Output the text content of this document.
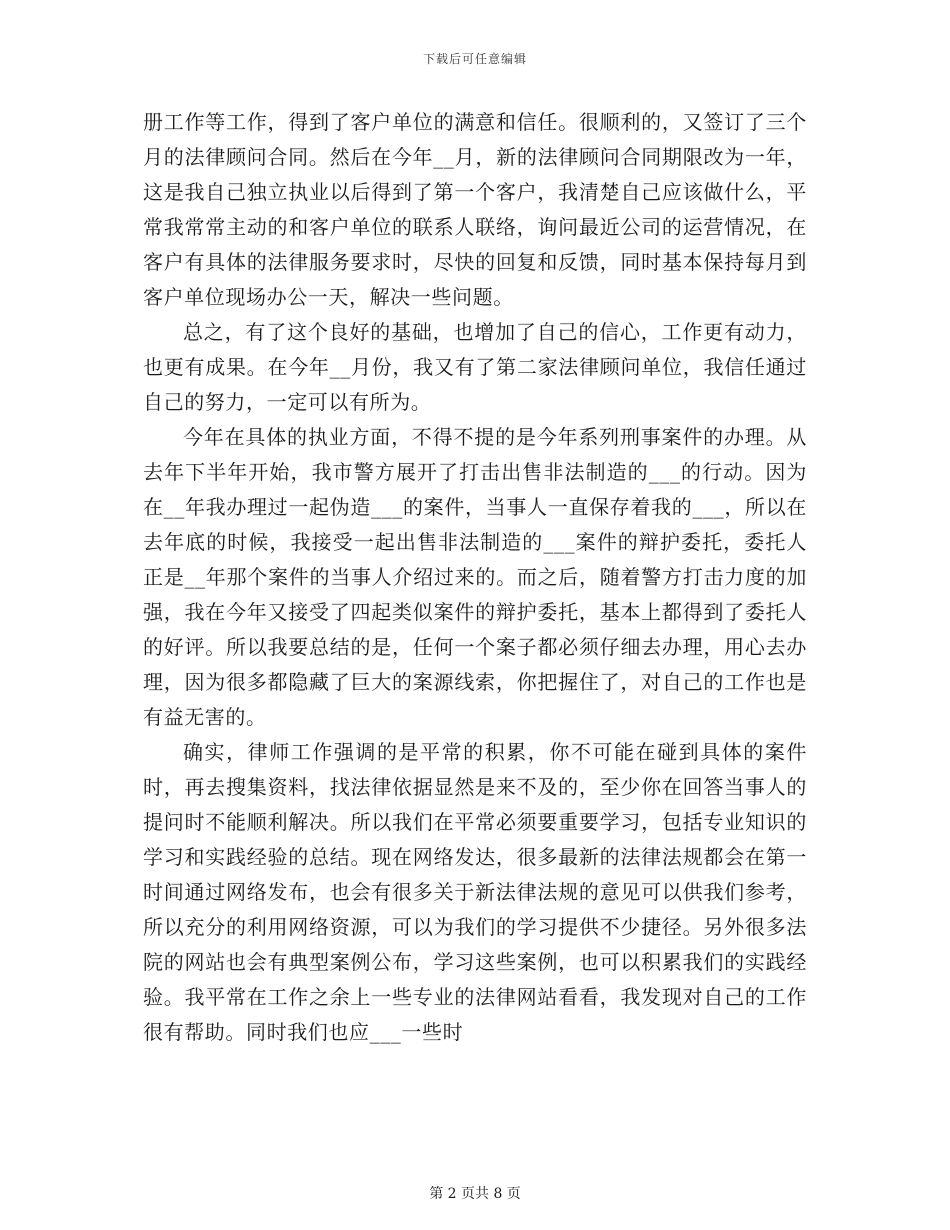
下载后可任意编辑

册工作等工作，得到了客户单位的满意和信任。很顺利的，又签订了三个月的法律顾问合同。然后在今年__月，新的法律顾问合同期限改为一年，这是我自己独立执业以后得到了第一个客户，我清楚自己应该做什么，平常我常常主动的和客户单位的联系人联络，询问最近公司的运营情况，在客户有具体的法律服务要求时，尽快的回复和反馈，同时基本保持每月到客户单位现场办公一天，解决一些问题。

总之，有了这个良好的基础，也增加了自己的信心，工作更有动力，也更有成果。在今年__月份，我又有了第二家法律顾问单位，我信任通过自己的努力，一定可以有所为。

今年在具体的执业方面，不得不提的是今年系列刑事案件的办理。从去年下半年开始，我市警方展开了打击出售非法制造的___的行动。因为在__年我办理过一起伪造___的案件，当事人一直保存着我的___，所以在去年底的时候，我接受一起出售非法制造的___案件的辩护委托，委托人正是__年那个案件的当事人介绍过来的。而之后，随着警方打击力度的加强，我在今年又接受了四起类似案件的辩护委托，基本上都得到了委托人的好评。所以我要总结的是，任何一个案子都必须仔细去办理，用心去办理，因为很多都隐藏了巨大的案源线索，你把握住了，对自己的工作也是有益无害的。

确实，律师工作强调的是平常的积累，你不可能在碰到具体的案件时，再去搜集资料，找法律依据显然是来不及的，至少你在回答当事人的提问时不能顺利解决。所以我们在平常必须要重要学习，包括专业知识的学习和实践经验的总结。现在网络发达，很多最新的法律法规都会在第一时间通过网络发布，也会有很多关于新法律法规的意见可以供我们参考，所以充分的利用网络资源，可以为我们的学习提供不少捷径。另外很多法院的网站也会有典型案例公布，学习这些案例，也可以积累我们的实践经验。我平常在工作之余上一些专业的法律网站看看，我发现对自己的工作很有帮助。同时我们也应___一些时

第 2 页共 8 页
